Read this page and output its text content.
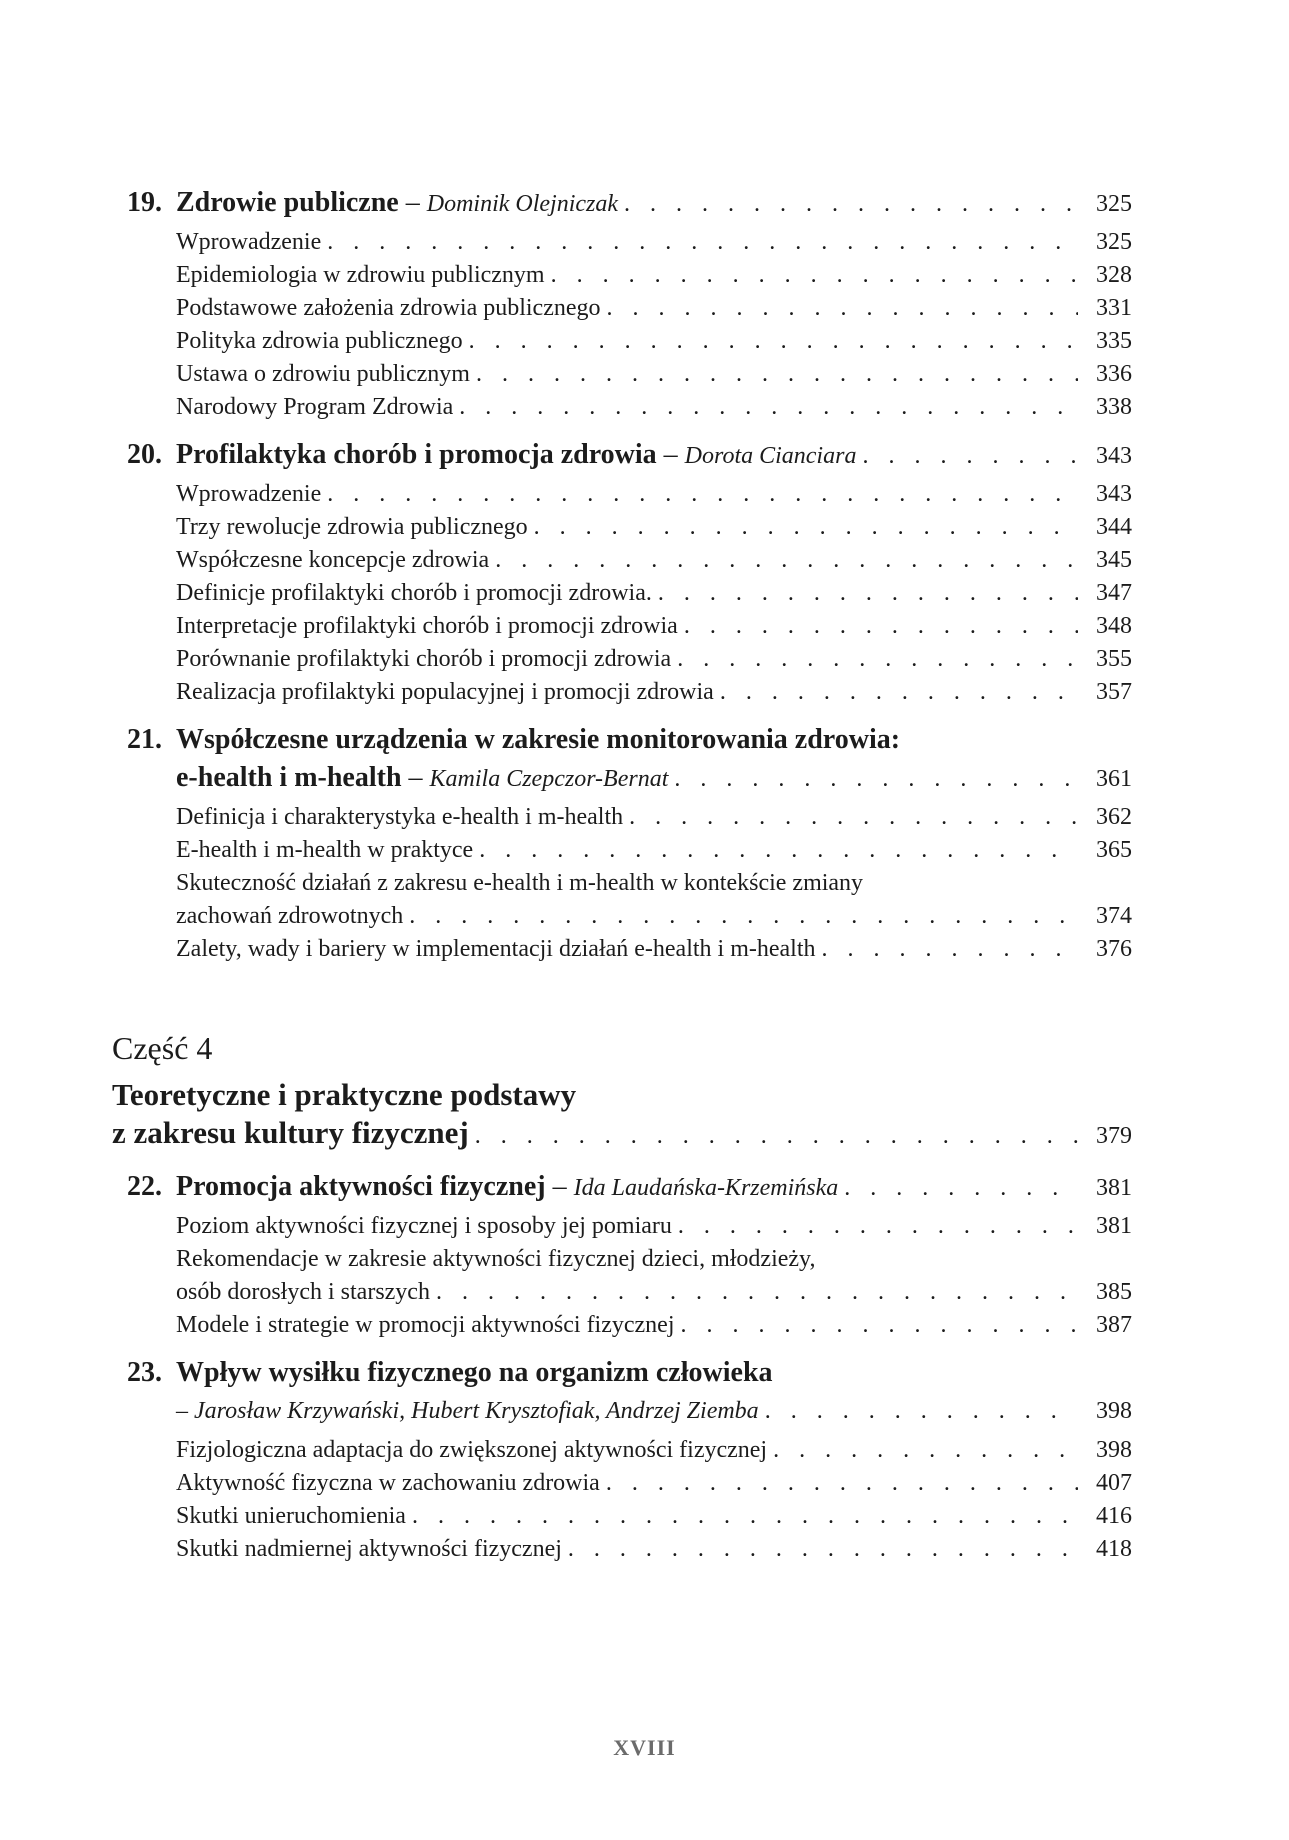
19. Zdrowie publiczne – Dominik Olejniczak . . .	325
Wprowadzenie . . .	325
Epidemiologia w zdrowiu publicznym . . .	328
Podstawowe założenia zdrowia publicznego . . .	331
Polityka zdrowia publicznego . . .	335
Ustawa o zdrowiu publicznym . . .	336
Narodowy Program Zdrowia . . .	338
20. Profilaktyka chorób i promocja zdrowia – Dorota Cianciara . . .	343
Wprowadzenie . . .	343
Trzy rewolucje zdrowia publicznego . . .	344
Współczesne koncepcje zdrowia . . .	345
Definicje profilaktyki chorób i promocji zdrowia. . . .	347
Interpretacje profilaktyki chorób i promocji zdrowia . . .	348
Porównanie profilaktyki chorób i promocji zdrowia . . .	355
Realizacja profilaktyki populacyjnej i promocji zdrowia . . .	357
21. Współczesne urządzenia w zakresie monitorowania zdrowia:
e-health i m-health – Kamila Czepczor-Bernat . . .	361
Definicja i charakterystyka e-health i m-health . . .	362
E-health i m-health w praktyce . . .	365
Skuteczność działań z zakresu e-health i m-health w kontekście zmiany
zachowań zdrowotnych . . .	374
Zalety, wady i bariery w implementacji działań e-health i m-health . . .	376
Część 4
Teoretyczne i praktyczne podstawy
z zakresu kultury fizycznej . . .	379
22. Promocja aktywności fizycznej – Ida Laudańska-Krzemińska . . .	381
Poziom aktywności fizycznej i sposoby jej pomiaru . . .	381
Rekomendacje w zakresie aktywności fizycznej dzieci, młodzieży,
osób dorosłych i starszych . . .	385
Modele i strategie w promocji aktywności fizycznej . . .	387
23. Wpływ wysiłku fizycznego na organizm człowieka
– Jarosław Krzywański, Hubert Krysztofiak, Andrzej Ziemba . . .	398
Fizjologiczna adaptacja do zwiększonej aktywności fizycznej . . .	398
Aktywność fizyczna w zachowaniu zdrowia . . .	407
Skutki unieruchomienia . . .	416
Skutki nadmiernej aktywności fizycznej . . .	418
XVIII
